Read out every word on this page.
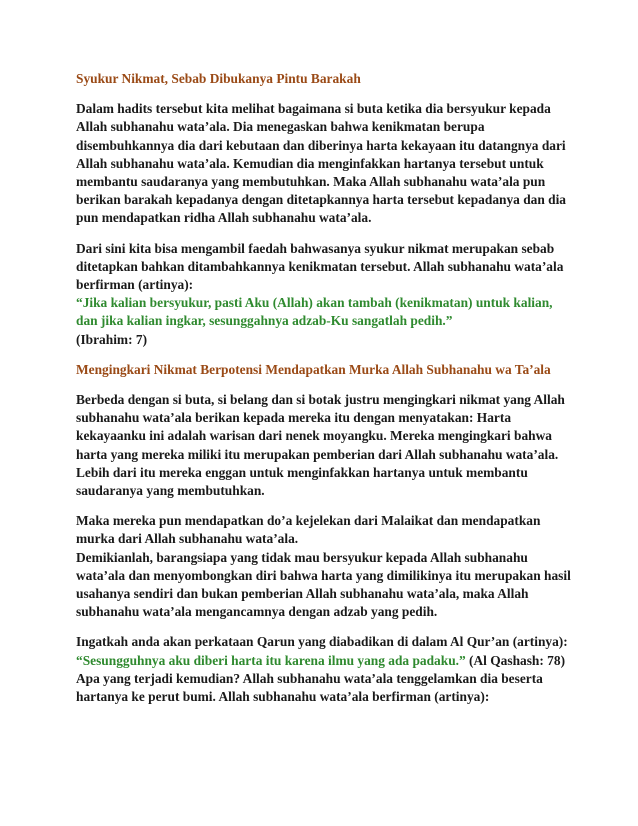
Syukur Nikmat, Sebab Dibukanya Pintu Barakah

Dalam hadits tersebut kita melihat bagaimana si buta ketika dia bersyukur kepada Allah subhanahu wata’ala. Dia menegaskan bahwa kenikmatan berupa disembuhkannya dia dari kebutaan dan diberinya harta kekayaan itu datangnya dari Allah subhanahu wata’ala. Kemudian dia menginfakkan hartanya tersebut untuk membantu saudaranya yang membutuhkan. Maka Allah subhanahu wata’ala pun berikan barakah kepadanya dengan ditetapkannya harta tersebut kepadanya dan dia pun mendapatkan ridha Allah subhanahu wata’ala.

Dari sini kita bisa mengambil faedah bahwasanya syukur nikmat merupakan sebab ditetapkan bahkan ditambahkannya kenikmatan tersebut. Allah subhanahu wata’ala berfirman (artinya):
“Jika kalian bersyukur, pasti Aku (Allah) akan tambah (kenikmatan) untuk kalian, dan jika kalian ingkar, sesunggahnya adzab-Ku sangatlah pedih.”
(Ibrahim: 7)

Mengingkari Nikmat Berpotensi Mendapatkan Murka Allah Subhanahu wa Ta’ala

Berbeda dengan si buta, si belang dan si botak justru mengingkari nikmat yang Allah subhanahu wata’ala berikan kepada mereka itu dengan menyatakan: Harta kekayaanku ini adalah warisan dari nenek moyangku. Mereka mengingkari bahwa harta yang mereka miliki itu merupakan pemberian dari Allah subhanahu wata’ala. Lebih dari itu mereka enggan untuk menginfakkan hartanya untuk membantu saudaranya yang membutuhkan.

Maka mereka pun mendapatkan do’a kejelekan dari Malaikat dan mendapatkan murka dari Allah subhanahu wata’ala.
Demikianlah, barangsiapa yang tidak mau bersyukur kepada Allah subhanahu wata’ala dan menyombongkan diri bahwa harta yang dimilikinya itu merupakan hasil usahanya sendiri dan bukan pemberian Allah subhanahu wata’ala, maka Allah subhanahu wata’ala mengancamnya dengan adzab yang pedih.

Ingatkah anda akan perkataan Qarun yang diabadikan di dalam Al Qur’an (artinya):
“Sesungguhnya aku diberi harta itu karena ilmu yang ada padaku.” (Al Qashash: 78)
Apa yang terjadi kemudian? Allah subhanahu wata’ala tenggelamkan dia beserta hartanya ke perut bumi. Allah subhanahu wata’ala berfirman (artinya):
